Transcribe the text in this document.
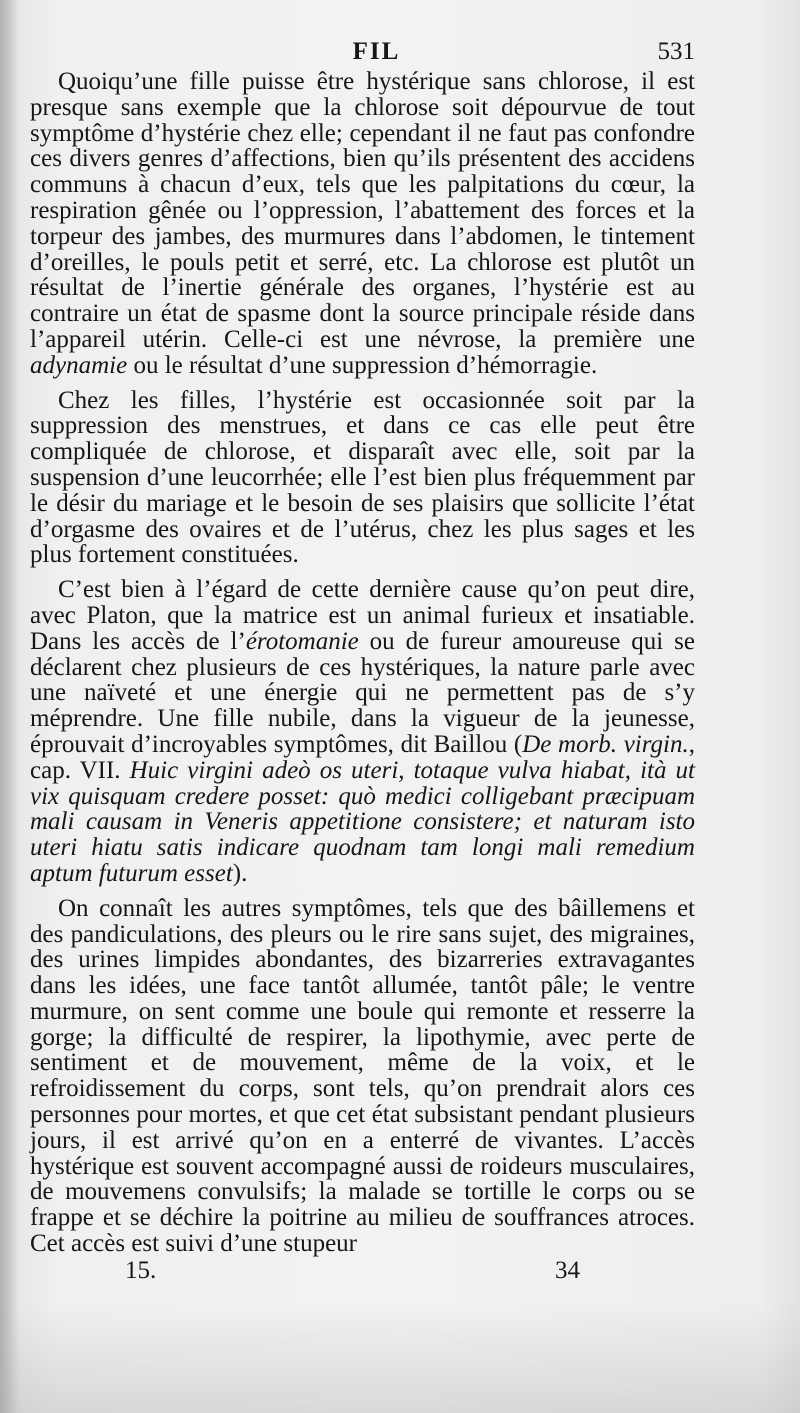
FIL	531

Quoiqu’une fille puisse être hystérique sans chlorose, il est presque sans exemple que la chlorose soit dépourvue de tout symptôme d’hystérie chez elle; cependant il ne faut pas confondre ces divers genres d’affections, bien qu’ils présentent des accidens communs à chacun d’eux, tels que les palpitations du cœur, la respiration gênée ou l’oppression, l’abattement des forces et la torpeur des jambes, des murmures dans l’abdomen, le tintement d’oreilles, le pouls petit et serré, etc. La chlorose est plutôt un résultat de l’inertie générale des organes, l’hystérie est au contraire un état de spasme dont la source principale réside dans l’appareil utérin. Celle-ci est une névrose, la première une adynamie ou le résultat d’une suppression d’hémorragie.

Chez les filles, l’hystérie est occasionnée soit par la suppression des menstrues, et dans ce cas elle peut être compliquée de chlorose, et disparaît avec elle, soit par la suspension d’une leucorrhée; elle l’est bien plus fréquemment par le désir du mariage et le besoin de ses plaisirs que sollicite l’état d’orgasme des ovaires et de l’utérus, chez les plus sages et les plus fortement constituées.

C’est bien à l’égard de cette dernière cause qu’on peut dire, avec Platon, que la matrice est un animal furieux et insatiable. Dans les accès de l’érotomanie ou de fureur amoureuse qui se déclarent chez plusieurs de ces hystériques, la nature parle avec une naïveté et une énergie qui ne permettent pas de s’y méprendre. Une fille nubile, dans la vigueur de la jeunesse, éprouvait d’incroyables symptômes, dit Baillou (De morb. virgin., cap. VII. Huic virgini adeò os uteri, totaque vulva hiabat, ità ut vix quisquam credere posset: quò medici colligebant præcipuam mali causam in Veneris appetitione consistere; et naturam isto uteri hiatu satis indicare quodnam tam longi mali remedium aptum futurum esset).

On connaît les autres symptômes, tels que des bâillemens et des pandiculations, des pleurs ou le rire sans sujet, des migraines, des urines limpides abondantes, des bizarreries extravagantes dans les idées, une face tantôt allumée, tantôt pâle; le ventre murmure, on sent comme une boule qui remonte et resserre la gorge; la difficulté de respirer, la lipothymie, avec perte de sentiment et de mouvement, même de la voix, et le refroidissement du corps, sont tels, qu’on prendrait alors ces personnes pour mortes, et que cet état subsistant pendant plusieurs jours, il est arrivé qu’on en a enterré de vivantes. L’accès hystérique est souvent accompagné aussi de roideurs musculaires, de mouvemens convulsifs; la malade se tortille le corps ou se frappe et se déchire la poitrine au milieu de souffrances atroces. Cet accès est suivi d’une stupeur

15.	34
